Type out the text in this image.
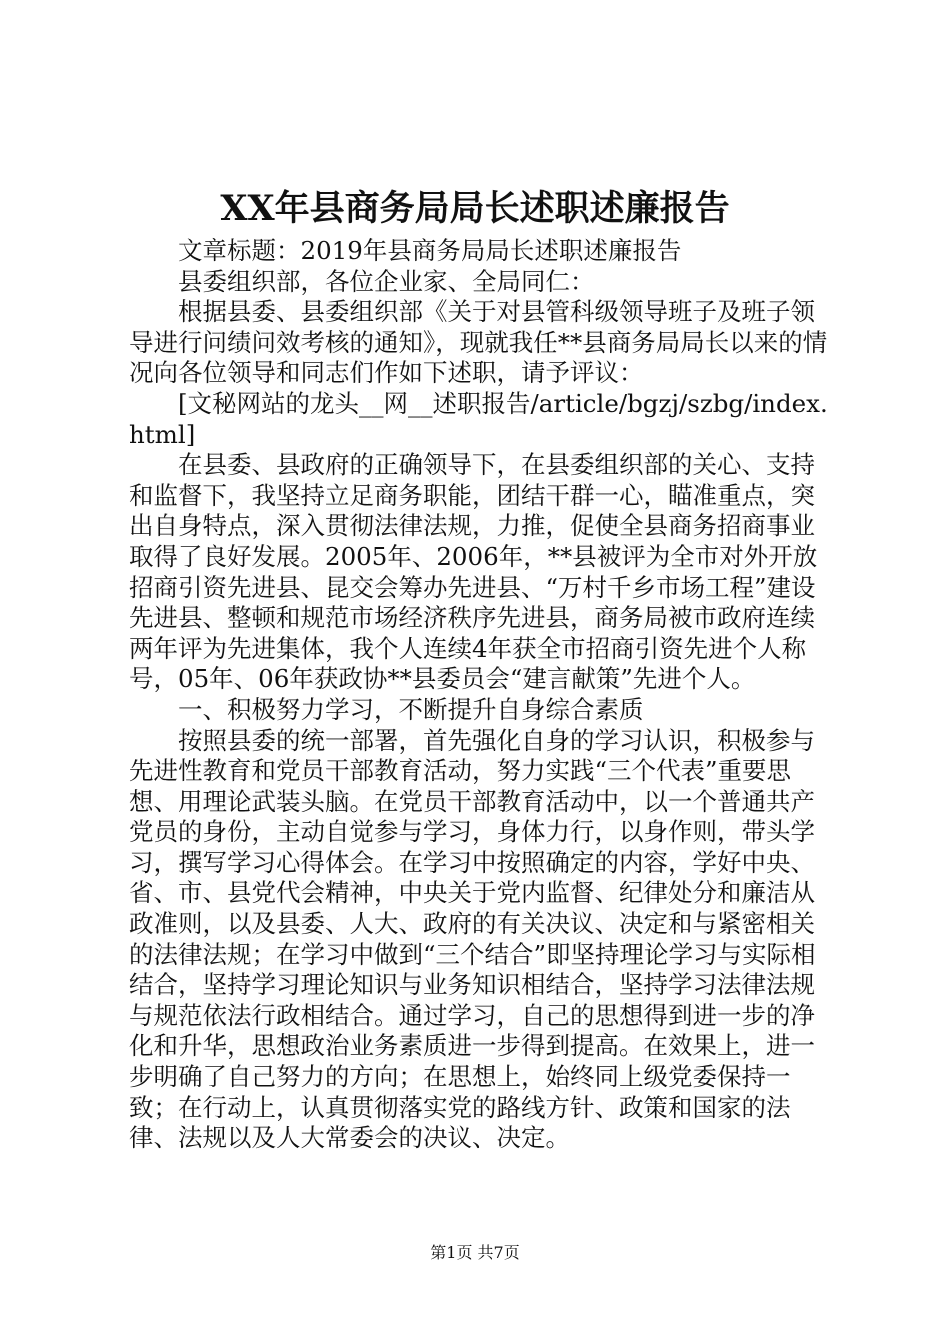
XX年县商务局局长述职述廉报告

文章标题：2019年县商务局局长述职述廉报告

县委组织部，各位企业家、全局同仁：

根据县委、县委组织部《关于对县管科级领导班子及班子领导进行问绩问效考核的通知》，现就我任**县商务局局长以来的情况向各位领导和同志们作如下述职，请予评议：

[文秘网站的龙头__网__述职报告/article/bgzj/szbg/index.html]

在县委、县政府的正确领导下，在县委组织部的关心、支持和监督下，我坚持立足商务职能，团结干群一心，瞄准重点，突出自身特点，深入贯彻法律法规，力推，促使全县商务招商事业取得了良好发展。2005年、2006年，**县被评为全市对外开放招商引资先进县、昆交会筹办先进县、“万村千乡市场工程”建设先进县、整顿和规范市场经济秩序先进县，商务局被市政府连续两年评为先进集体，我个人连续4年获全市招商引资先进个人称号，05年、06年获政协**县委员会“建言献策”先进个人。

一、积极努力学习，不断提升自身综合素质

按照县委的统一部署，首先强化自身的学习认识，积极参与先进性教育和党员干部教育活动，努力实践“三个代表”重要思想、用理论武装头脑。在党员干部教育活动中，以一个普通共产党员的身份，主动自觉参与学习，身体力行，以身作则，带头学习，撰写学习心得体会。在学习中按照确定的内容，学好中央、省、市、县党代会精神，中央关于党内监督、纪律处分和廉洁从政准则，以及县委、人大、政府的有关决议、决定和与紧密相关的法律法规；在学习中做到“三个结合”即坚持理论学习与实际相结合，坚持学习理论知识与业务知识相结合，坚持学习法律法规与规范依法行政相结合。通过学习，自己的思想得到进一步的净化和升华，思想政治业务素质进一步得到提高。在效果上，进一步明确了自己努力的方向；在思想上，始终同上级党委保持一致；在行动上，认真贯彻落实党的路线方针、政策和国家的法律、法规以及人大常委会的决议、决定。

第1页 共7页
